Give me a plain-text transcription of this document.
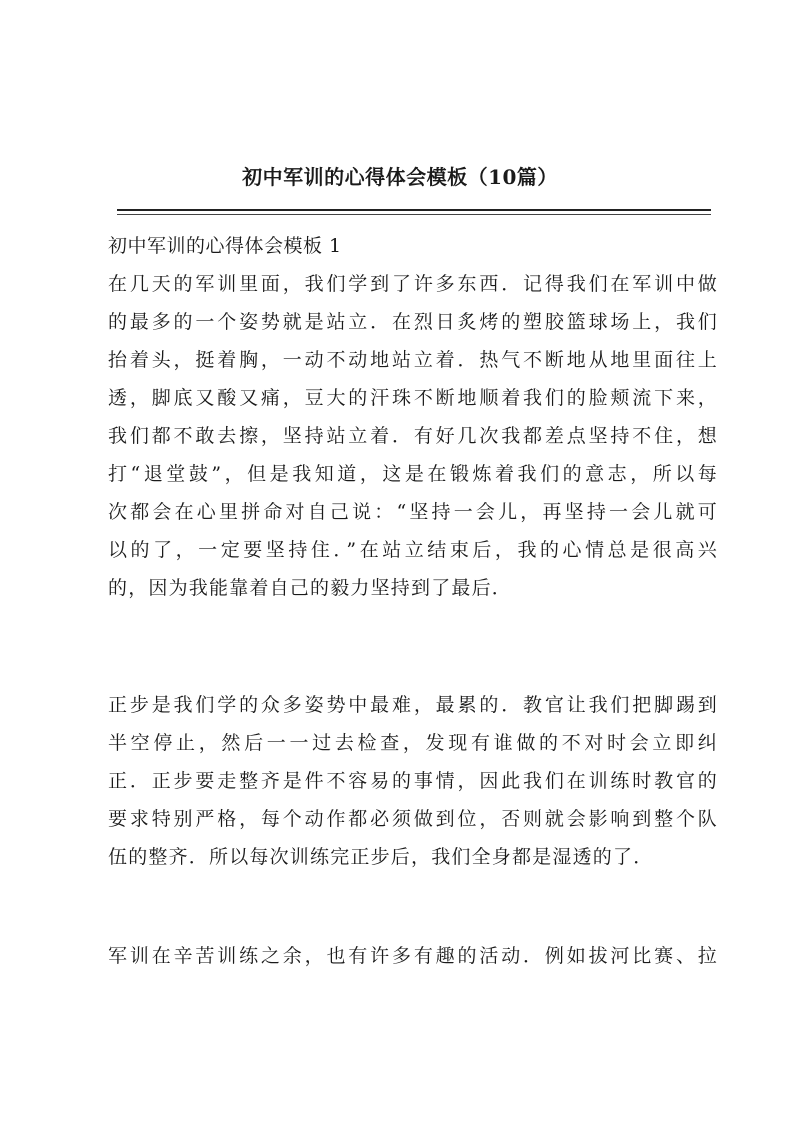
初中军训的心得体会模板（10篇）
初中军训的心得体会模板 1
在几天的军训里面，我们学到了许多东西．记得我们在军训中做
的最多的一个姿势就是站立．在烈日炙烤的塑胶篮球场上，我们
抬着头，挺着胸，一动不动地站立着．热气不断地从地里面往上
透，脚底又酸又痛，豆大的汗珠不断地顺着我们的脸颊流下来，
我们都不敢去擦，坚持站立着．有好几次我都差点坚持不住，想
打“退堂鼓”，但是我知道，这是在锻炼着我们的意志，所以每
次都会在心里拼命对自己说：“坚持一会儿，再坚持一会儿就可
以的了，一定要坚持住．”在站立结束后，我的心情总是很高兴
的，因为我能靠着自己的毅力坚持到了最后．
正步是我们学的众多姿势中最难，最累的．教官让我们把脚踢到
半空停止，然后一一过去检查，发现有谁做的不对时会立即纠
正．正步要走整齐是件不容易的事情，因此我们在训练时教官的
要求特别严格，每个动作都必须做到位，否则就会影响到整个队
伍的整齐．所以每次训练完正步后，我们全身都是湿透的了．
军训在辛苦训练之余，也有许多有趣的活动．例如拔河比赛、拉
